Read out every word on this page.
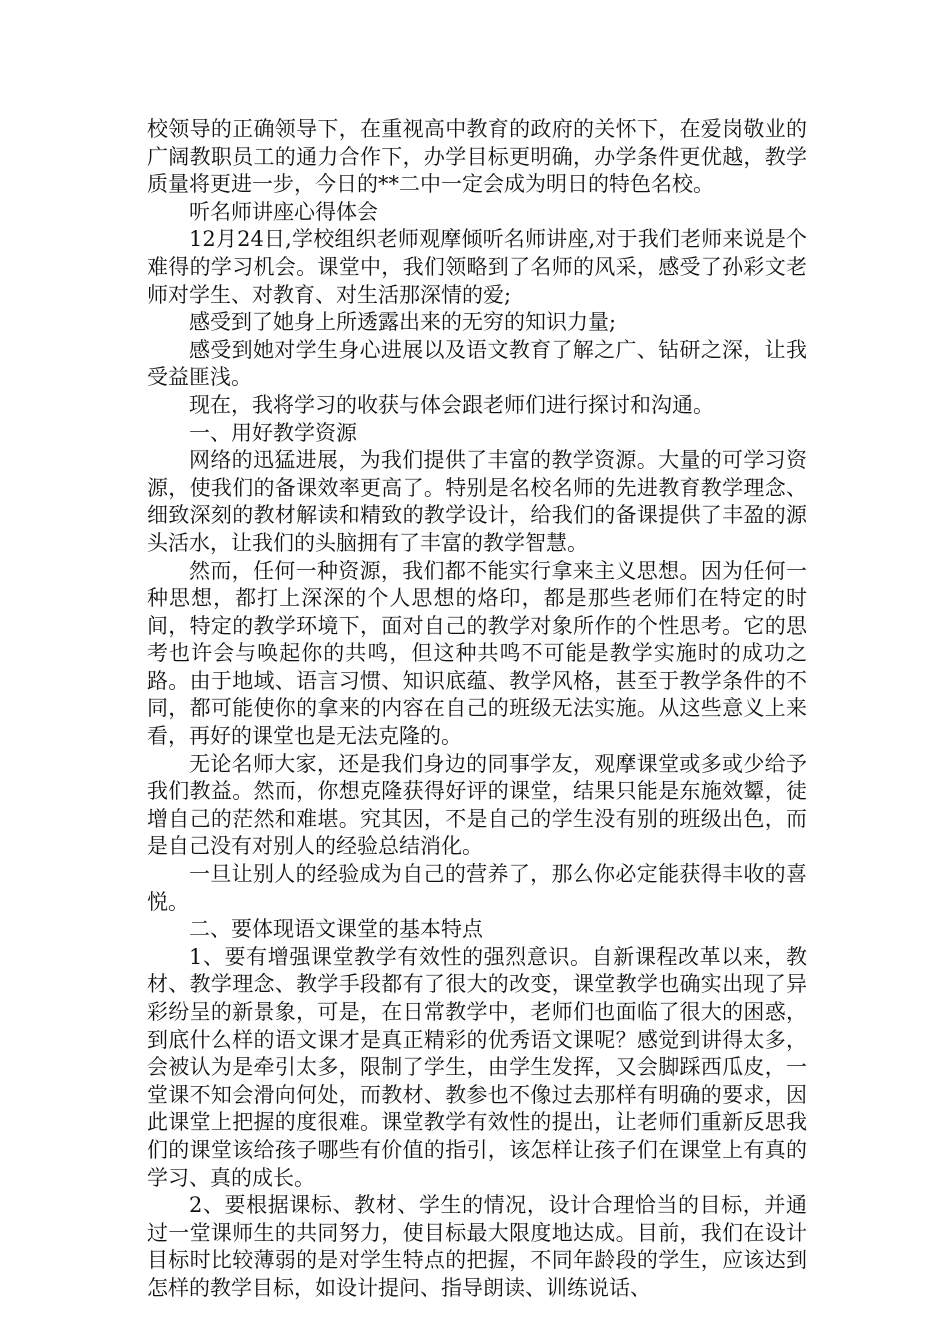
校领导的正确领导下，在重视高中教育的政府的关怀下，在爱岗敬业的广阔教职员工的通力合作下，办学目标更明确，办学条件更优越，教学质量将更进一步，今日的**二中一定会成为明日的特色名校。

听名师讲座心得体会

12月24日,学校组织老师观摩倾听名师讲座,对于我们老师来说是个难得的学习机会。课堂中，我们领略到了名师的风采，感受了孙彩文老师对学生、对教育、对生活那深情的爱;

感受到了她身上所透露出来的无穷的知识力量;

感受到她对学生身心进展以及语文教育了解之广、钻研之深，让我受益匪浅。

现在，我将学习的收获与体会跟老师们进行探讨和沟通。

一、用好教学资源

网络的迅猛进展，为我们提供了丰富的教学资源。大量的可学习资源，使我们的备课效率更高了。特别是名校名师的先进教育教学理念、细致深刻的教材解读和精致的教学设计，给我们的备课提供了丰盈的源头活水，让我们的头脑拥有了丰富的教学智慧。

然而，任何一种资源，我们都不能实行拿来主义思想。因为任何一种思想，都打上深深的个人思想的烙印，都是那些老师们在特定的时间，特定的教学环境下，面对自己的教学对象所作的个性思考。它的思考也许会与唤起你的共鸣，但这种共鸣不可能是教学实施时的成功之路。由于地域、语言习惯、知识底蕴、教学风格，甚至于教学条件的不同，都可能使你的拿来的内容在自己的班级无法实施。从这些意义上来看，再好的课堂也是无法克隆的。

无论名师大家，还是我们身边的同事学友，观摩课堂或多或少给予我们教益。然而，你想克隆获得好评的课堂，结果只能是东施效颦，徒增自己的茫然和难堪。究其因，不是自己的学生没有别的班级出色，而是自己没有对别人的经验总结消化。

一旦让别人的经验成为自己的营养了，那么你必定能获得丰收的喜悦。

二、要体现语文课堂的基本特点

1、要有增强课堂教学有效性的强烈意识。自新课程改革以来，教材、教学理念、教学手段都有了很大的改变，课堂教学也确实出现了异彩纷呈的新景象，可是，在日常教学中，老师们也面临了很大的困惑，到底什么样的语文课才是真正精彩的优秀语文课呢？感觉到讲得太多，会被认为是牵引太多，限制了学生，由学生发挥，又会脚踩西瓜皮，一堂课不知会滑向何处，而教材、教参也不像过去那样有明确的要求，因此课堂上把握的度很难。课堂教学有效性的提出，让老师们重新反思我们的课堂该给孩子哪些有价值的指引，该怎样让孩子们在课堂上有真的学习、真的成长。

2、要根据课标、教材、学生的情况，设计合理恰当的目标，并通过一堂课师生的共同努力，使目标最大限度地达成。目前，我们在设计目标时比较薄弱的是对学生特点的把握，不同年龄段的学生，应该达到怎样的教学目标，如设计提问、指导朗读、训练说话、
